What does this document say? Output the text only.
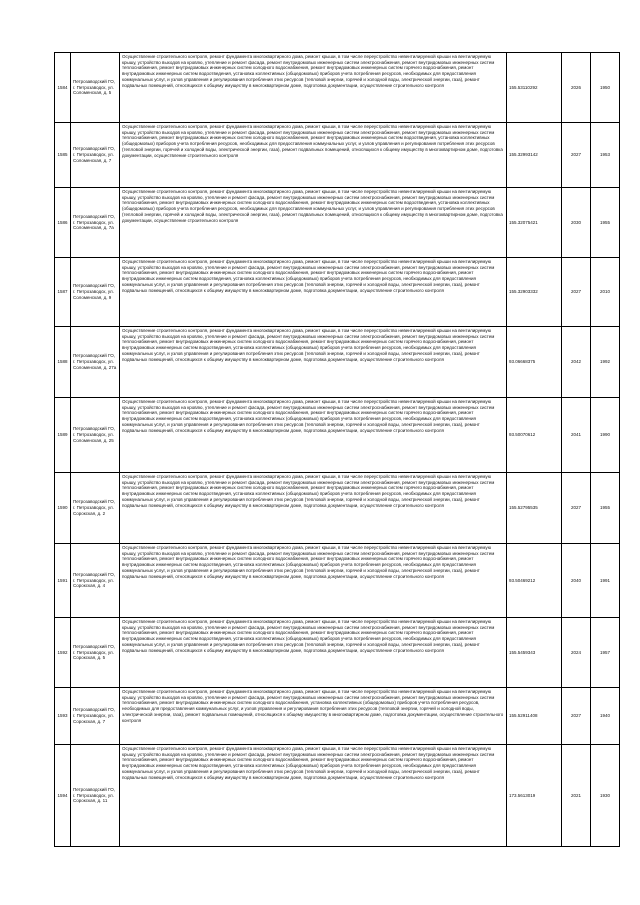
1584	Петрозаводский ГО, г. Петрозаводск, ул. Соломенская, д. 5	Осуществление строительного контроля, ремонт фундамента многоквартирного дома, ремонт крыши, в том числе переустройство невентилируемой крыши на вентилируемую крышу, устройство выходов на кровлю, утепление и ремонт фасада, ремонт внутридомовых инженерных систем электроснабжения, ремонт внутридомовых инженерных систем теплоснабжения, ремонт внутридомовых инженерных систем холодного водоснабжения, ремонт внутридомовых инженерных систем горячего водоснабжения, ремонт внутридомовых инженерных систем водоотведения, установка коллективных (общедомовых) приборов учета потребления ресурсов, необходимых для предоставления коммунальных услуг, и узлов управления и регулирования потребления этих ресурсов (тепловой энергии, горячей и холодной воды, электрической энергии, газа), ремонт подвальных помещений, относящихся к общему имуществу в многоквартирном доме, подготовка документации, осуществление строительного контроля	155.53110292	2026	1950
1585	Петрозаводский ГО, г. Петрозаводск, ул. Соломенская, д. 7	Осуществление строительного контроля, ремонт фундамента многоквартирного дома, ремонт крыши, в том числе переустройство невентилируемой крыши на вентилируемую крышу, устройство выходов на кровлю, утепление и ремонт фасада, ремонт внутридомовых инженерных систем электроснабжения, ремонт внутридомовых инженерных систем теплоснабжения, ремонт внутридомовых инженерных систем холодного водоснабжения, ремонт внутридомовых инженерных систем водоотведения, установка коллективных (общедомовых) приборов учета потребления ресурсов, необходимых для предоставления коммунальных услуг, и узлов управления и регулирования потребления этих ресурсов (тепловой энергии, горячей и холодной воды, электрической энергии, газа), ремонт подвальных помещений, относящихся к общему имуществу в многоквартирном доме, подготовка документации, осуществление строительного контроля	155.32993142	2027	1953
1586	Петрозаводский ГО, г. Петрозаводск, ул. Соломенская, д. 7а	Осуществление строительного контроля, ремонт фундамента многоквартирного дома, ремонт крыши, в том числе переустройство невентилируемой крыши на вентилируемую крышу, устройство выходов на кровлю, утепление и ремонт фасада, ремонт внутридомовых инженерных систем электроснабжения, ремонт внутридомовых инженерных систем теплоснабжения, ремонт внутридомовых инженерных систем холодного водоснабжения, ремонт внутридомовых инженерных систем водоотведения, установка коллективных (общедомовых) приборов учета потребления ресурсов, необходимых для предоставления коммунальных услуг, и узлов управления и регулирования потребления этих ресурсов (тепловой энергии, горячей и холодной воды, электрической энергии, газа), ремонт подвальных помещений, относящихся к общему имуществу в многоквартирном доме, подготовка документации, осуществление строительного контроля	155.32075421	2030	1955
1587	Петрозаводский ГО, г. Петрозаводск, ул. Соломенская, д. 9	Осуществление строительного контроля, ремонт фундамента многоквартирного дома, ремонт крыши, в том числе переустройство невентилируемой крыши на вентилируемую крышу, устройство выходов на кровлю, утепление и ремонт фасада, ремонт внутридомовых инженерных систем электроснабжения, ремонт внутридомовых инженерных систем теплоснабжения, ремонт внутридомовых инженерных систем холодного водоснабжения, ремонт внутридомовых инженерных систем горячего водоснабжения, ремонт внутридомовых инженерных систем водоотведения, установка коллективных (общедомовых) приборов учета потребления ресурсов, необходимых для предоставления коммунальных услуг, и узлов управления и регулирования потребления этих ресурсов (тепловой энергии, горячей и холодной воды, электрической энергии, газа), ремонт подвальных помещений, относящихся к общему имуществу в многоквартирном доме, подготовка документации, осуществление строительного контроля	155.32903332	2027	2010
1588	Петрозаводский ГО, г. Петрозаводск, ул. Соломенская, д. 27а	Осуществление строительного контроля, ремонт фундамента многоквартирного дома, ремонт крыши, в том числе переустройство невентилируемой крыши на вентилируемую крышу, устройство выходов на кровлю, утепление и ремонт фасада, ремонт внутридомовых инженерных систем электроснабжения, ремонт внутридомовых инженерных систем теплоснабжения, ремонт внутридомовых инженерных систем холодного водоснабжения, ремонт внутридомовых инженерных систем горячего водоснабжения, ремонт внутридомовых инженерных систем водоотведения, установка коллективных (общедомовых) приборов учета потребления ресурсов, необходимых для предоставления коммунальных услуг, и узлов управления и регулирования потребления этих ресурсов (тепловой энергии, горячей и холодной воды, электрической энергии, газа), ремонт подвальных помещений, относящихся к общему имуществу в многоквартирном доме, подготовка документации, осуществление строительного контроля	93.06668375	2042	1992
1589	Петрозаводский ГО, г. Петрозаводск, ул. Соломенская, д. 25	Осуществление строительного контроля, ремонт фундамента многоквартирного дома, ремонт крыши, в том числе переустройство невентилируемой крыши на вентилируемую крышу, устройство выходов на кровлю, утепление и ремонт фасада, ремонт внутридомовых инженерных систем электроснабжения, ремонт внутридомовых инженерных систем теплоснабжения, ремонт внутридомовых инженерных систем холодного водоснабжения, ремонт внутридомовых инженерных систем горячего водоснабжения, ремонт внутридомовых инженерных систем водоотведения, установка коллективных (общедомовых) приборов учета потребления ресурсов, необходимых для предоставления коммунальных услуг, и узлов управления и регулирования потребления этих ресурсов (тепловой энергии, горячей и холодной воды, электрической энергии, газа), ремонт подвальных помещений, относящихся к общему имуществу в многоквартирном доме, подготовка документации, осуществление строительного контроля	93.50070612	2041	1990
1590	Петрозаводский ГО, г. Петрозаводск, ул. Сорокская, д. 2	Осуществление строительного контроля, ремонт фундамента многоквартирного дома, ремонт крыши, в том числе переустройство невентилируемой крыши на вентилируемую крышу, устройство выходов на кровлю, утепление и ремонт фасада, ремонт внутридомовых инженерных систем электроснабжения, ремонт внутридомовых инженерных систем теплоснабжения, ремонт внутридомовых инженерных систем холодного водоснабжения, ремонт внутридомовых инженерных систем горячего водоснабжения, ремонт внутридомовых инженерных систем водоотведения, установка коллективных (общедомовых) приборов учета потребления ресурсов, необходимых для предоставления коммунальных услуг, и узлов управления и регулирования потребления этих ресурсов (тепловой энергии, горячей и холодной воды, электрической энергии, газа), ремонт подвальных помещений, относящихся к общему имуществу в многоквартирном доме, подготовка документации, осуществление строительного контроля	155.52795535	2027	1955
1591	Петрозаводский ГО, г. Петрозаводск, ул. Сорокская, д. 4	Осуществление строительного контроля, ремонт фундамента многоквартирного дома, ремонт крыши, в том числе переустройство невентилируемой крыши на вентилируемую крышу, устройство выходов на кровлю, утепление и ремонт фасада, ремонт внутридомовых инженерных систем электроснабжения, ремонт внутридомовых инженерных систем теплоснабжения, ремонт внутридомовых инженерных систем холодного водоснабжения, ремонт внутридомовых инженерных систем горячего водоснабжения, ремонт внутридомовых инженерных систем водоотведения, установка коллективных (общедомовых) приборов учета потребления ресурсов, необходимых для предоставления коммунальных услуг, и узлов управления и регулирования потребления этих ресурсов (тепловой энергии, горячей и холодной воды, электрической энергии, газа), ремонт подвальных помещений, относящихся к общему имуществу в многоквартирном доме, подготовка документации, осуществление строительного контроля	93.50469212	2040	1991
1592	Петрозаводский ГО, г. Петрозаводск, ул. Сорокская, д. 5	Осуществление строительного контроля, ремонт фундамента многоквартирного дома, ремонт крыши, в том числе переустройство невентилируемой крыши на вентилируемую крышу, устройство выходов на кровлю, утепление и ремонт фасада, ремонт внутридомовых инженерных систем электроснабжения, ремонт внутридомовых инженерных систем теплоснабжения, ремонт внутридомовых инженерных систем холодного водоснабжения, ремонт внутридомовых инженерных систем горячего водоснабжения, ремонт внутридомовых инженерных систем водоотведения, установка коллективных (общедомовых) приборов учета потребления ресурсов, необходимых для предоставления коммунальных услуг, и узлов управления и регулирования потребления этих ресурсов (тепловой энергии, горячей и холодной воды, электрической энергии, газа), ремонт подвальных помещений, относящихся к общему имуществу в многоквартирном доме, подготовка документации, осуществление строительного контроля	155.5459343	2024	1957
1593	Петрозаводский ГО, г. Петрозаводск, ул. Сорокская, д. 7	Осуществление строительного контроля, ремонт фундамента многоквартирного дома, ремонт крыши, в том числе переустройство невентилируемой крыши на вентилируемую крышу, устройство выходов на кровлю, утепление и ремонт фасада, ремонт внутридомовых инженерных систем электроснабжения, ремонт внутридомовых инженерных систем теплоснабжения, ремонт внутридомовых инженерных систем холодного водоснабжения, установка коллективных (общедомовых) приборов учета потребления ресурсов, необходимых для предоставления коммунальных услуг, и узлов управления и регулирования потребления этих ресурсов (тепловой энергии, горячей и холодной воды, электрической энергии, газа), ремонт подвальных помещений, относящихся к общему имуществу в многоквартирном доме, подготовка документации, осуществление строительного контроля	155.52911408	2027	1940
1594	Петрозаводский ГО, г. Петрозаводск, ул. Сорокская, д. 11	Осуществление строительного контроля, ремонт фундамента многоквартирного дома, ремонт крыши, в том числе переустройство невентилируемой крыши на вентилируемую крышу, устройство выходов на кровлю, утепление и ремонт фасада, ремонт внутридомовых инженерных систем электроснабжения, ремонт внутридомовых инженерных систем теплоснабжения, ремонт внутридомовых инженерных систем холодного водоснабжения, ремонт внутридомовых инженерных систем горячего водоснабжения, ремонт внутридомовых инженерных систем водоотведения, установка коллективных (общедомовых) приборов учета потребления ресурсов, необходимых для предоставления коммунальных услуг, и узлов управления и регулирования потребления этих ресурсов (тепловой энергии, горячей и холодной воды, электрической энергии, газа), ремонт подвальных помещений, относящихся к общему имуществу в многоквартирном доме, подготовка документации, осуществление строительного контроля	173.5613019	2021	1930
